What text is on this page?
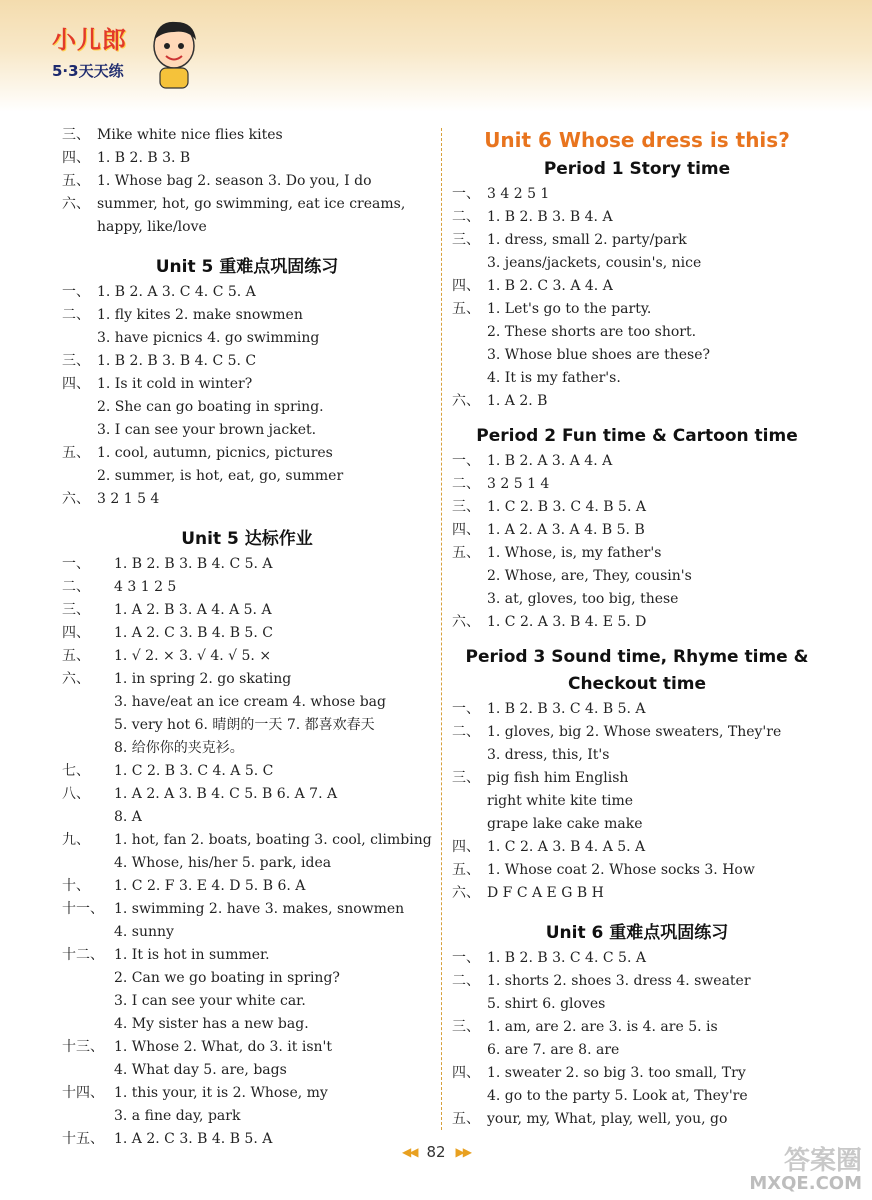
小儿郎
5·3天天练
三、 Mike white nice flies kites
四、 1. B 2. B 3. B
五、 1. Whose bag 2. season 3. Do you, I do
六、 summer, hot, go swimming, eat ice creams,
happy, like/love
Unit 5 重难点巩固练习
一、 1. B 2. A 3. C 4. C 5. A
二、 1. fly kites 2. make snowmen
3. have picnics 4. go swimming
三、 1. B 2. B 3. B 4. C 5. C
四、 1. Is it cold in winter?
2. She can go boating in spring.
3. I can see your brown jacket.
五、 1. cool, autumn, picnics, pictures
2. summer, is hot, eat, go, summer
六、 3 2 1 5 4
Unit 5 达标作业
一、	1. B 2. B 3. B 4. C 5. A
二、	4 3 1 2 5
三、	1. A 2. B 3. A 4. A 5. A
四、	1. A 2. C 3. B 4. B 5. C
五、	1. √ 2. × 3. √ 4. √ 5. ×
六、	1. in spring 2. go skating
3. have/eat an ice cream 4. whose bag
5. very hot 6. 晴朗的一天 7. 都喜欢春天
8. 给你你的夹克衫。
七、	1. C 2. B 3. C 4. A 5. C
八、	1. A 2. A 3. B 4. C 5. B 6. A 7. A
8. A
九、	1. hot, fan 2. boats, boating 3. cool, climbing
4. Whose, his/her 5. park, idea
十、	1. C 2. F 3. E 4. D 5. B 6. A
十一、 1. swimming 2. have 3. makes, snowmen
4. sunny
十二、 1. It is hot in summer.
2. Can we go boating in spring?
3. I can see your white car.
4. My sister has a new bag.
十三、 1. Whose 2. What, do 3. it isn't
4. What day 5. are, bags
十四、 1. this your, it is 2. Whose, my
3. a fine day, park
十五、 1. A 2. C 3. B 4. B 5. A
Unit 6 Whose dress is this?
Period 1 Story time
一、 3 4 2 5 1
二、 1. B 2. B 3. B 4. A
三、 1. dress, small 2. party/park
3. jeans/jackets, cousin's, nice
四、 1. B 2. C 3. A 4. A
五、 1. Let's go to the party.
2. These shorts are too short.
3. Whose blue shoes are these?
4. It is my father's.
六、 1. A 2. B
Period 2 Fun time & Cartoon time
一、 1. B 2. A 3. A 4. A
二、 3 2 5 1 4
三、 1. C 2. B 3. C 4. B 5. A
四、 1. A 2. A 3. A 4. B 5. B
五、 1. Whose, is, my father's
2. Whose, are, They, cousin's
3. at, gloves, too big, these
六、 1. C 2. A 3. B 4. E 5. D
Period 3 Sound time, Rhyme time &
Checkout time
一、 1. B 2. B 3. C 4. B 5. A
二、 1. gloves, big 2. Whose sweaters, They're
3. dress, this, It's
三、 pig fish him English
right white kite time
grape lake cake make
四、 1. C 2. A 3. B 4. A 5. A
五、 1. Whose coat 2. Whose socks 3. How
六、 D F C A E G B H
Unit 6 重难点巩固练习
一、 1. B 2. B 3. C 4. C 5. A
二、 1. shorts 2. shoes 3. dress 4. sweater
5. shirt 6. gloves
三、 1. am, are 2. are 3. is 4. are 5. is
6. are 7. are 8. are
四、 1. sweater 2. so big 3. too small, Try
4. go to the party 5. Look at, They're
五、 your, my, What, play, well, you, go
◀◀ 82 ▶▶	答案圈
MXQE.COM
